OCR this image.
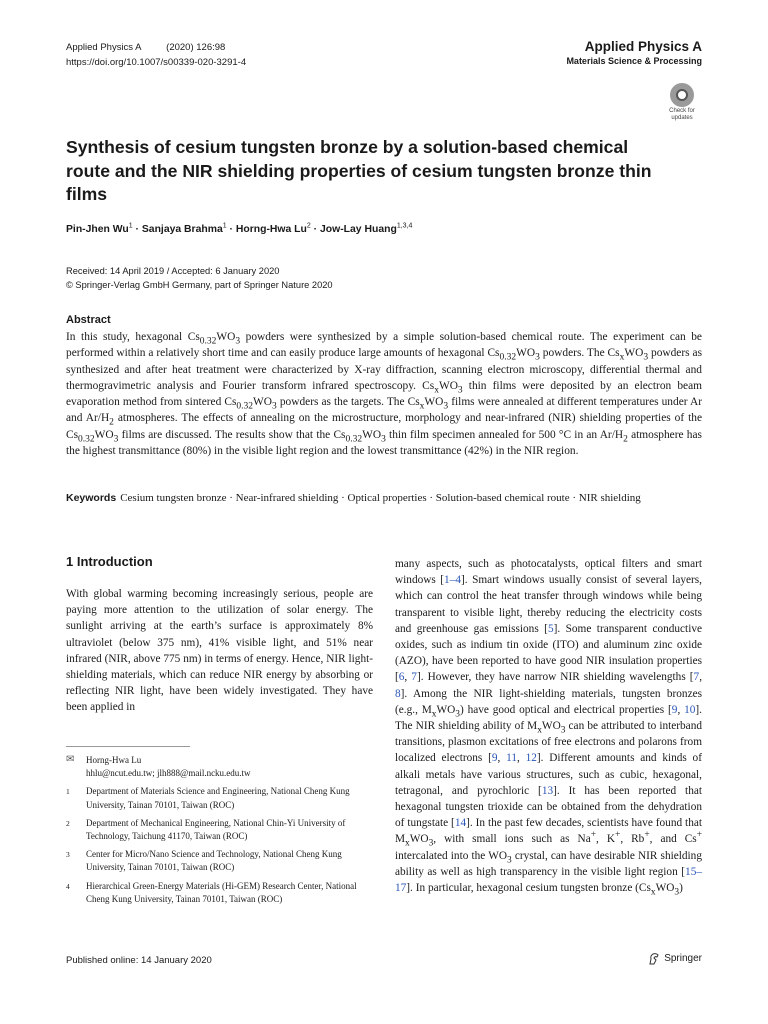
Applied Physics A	(2020) 126:98
https://doi.org/10.1007/s00339-020-3291-4
Applied Physics A
Materials Science & Processing
Check for
updates
Synthesis of cesium tungsten bronze by a solution-based chemical route and the NIR shielding properties of cesium tungsten bronze thin films
Pin-Jhen $Wu^1$ · Sanjaya Brahma$^1$ · Horng-Hwa $Lu^2 \cdot Jow-Lay$ Huang$^{1,3,4}$
Received: 14 April 2019 / Accepted: 6 January 2020
© Springer-Verlag GmbH Germany, part of Springer Nature 2020
Abstract

In this study, hexagonal $Cs_{0.32}WO_3$ powders were synthesized by a simple solution-based chemical route. The experiment can be performed within a relatively short time and can easily produce large amounts of hexagonal $Cs_{0.32}WO_3$ powders. The $Cs_xWO_3$ powders as synthesized and after heat treatment were characterized by X-ray diffraction, scanning electron microscopy, differential thermal and thermogravimetric analysis and Fourier transform infrared spectroscopy. $Cs_xWO_3$ thin films were deposited by an electron beam evaporation method from sintered $Cs_{0.32}WO_3$ powders as the targets. The $Cs_xWO_3$ films were annealed at different temperatures under Ar and $Ar/H_2$ atmospheres. The effects of annealing on the microstructure, morphology and near-infrared (NIR) shielding properties of the $Cs_{0.32}WO_3$ films are discussed. The results show that the $Cs_{0.32}WO_3$ thin film specimen annealed for 500 °C in an $Ar/H_2$ atmosphere has the highest transmittance (80%) in the visible light region and the lowest transmittance (42%) in the NIR region.

Keywords Cesium tungsten bronze · Near-infrared shielding · Optical properties · Solution-based chemical route · NIR shielding

1 Introduction

With global warming becoming increasingly serious, people are paying more attention to the utilization of solar energy. The sunlight arriving at the earth’s surface is approximately 8% ultraviolet (below 375 nm), 41% visible light, and 51% near infrared (NIR, above 775 nm) in terms of energy. Hence, NIR light-shielding materials, which can reduce NIR energy by absorbing or reflecting NIR light, have been widely investigated. They have been applied in

✉	Horng-Hwa Lu
hhlu@ncut.edu.tw; jlh888@mail.ncku.edu.tw
1	Department of Materials Science and Engineering, National Cheng Kung University, Tainan 70101, Taiwan (ROC)
2	Department of Mechanical Engineering, National Chin-Yi University of Technology, Taichung 41170, Taiwan (ROC)
3	Center for Micro/Nano Science and Technology, National Cheng Kung University, Tainan 70101, Taiwan (ROC)
4	Hierarchical Green-Energy Materials (Hi-GEM) Research Center, National Cheng Kung University, Tainan 70101, Taiwan (ROC)

many aspects, such as photocatalysts, optical filters and smart windows [1–4]. Smart windows usually consist of several layers, which can control the heat transfer through windows while being transparent to visible light, thereby reducing the electricity costs and greenhouse gas emissions [5]. Some transparent conductive oxides, such as indium tin oxide (ITO) and aluminum zinc oxide (AZO), have been reported to have good NIR insulation properties [6, 7]. However, they have narrow NIR shielding wavelengths [7, 8]. Among the NIR light-shielding materials, tungsten bronzes (e.g., $M_xWO_3$) have good optical and electrical properties [9, 10]. The NIR shielding ability of $M_xWO_3$ can be attributed to interband transitions, plasmon excitations of free electrons and polarons from localized electrons [9, 11, 12]. Different amounts and kinds of alkali metals have various structures, such as cubic, hexagonal, tetragonal, and pyrochloric [13]. It has been reported that hexagonal tungsten trioxide can be obtained from the dehydration of tungstate [14]. In the past few decades, scientists have found that $M_xWO_3$, with small ions such as Na+, K+, Rb+, and Cs+ intercalated into the $WO_3$ crystal, can have desirable NIR shielding ability as well as high transparency in the visible light region [15–17]. In particular, hexagonal cesium tungsten bronze $(Cs_xWO_3)$

Published online: 14 January 2020	Springer
